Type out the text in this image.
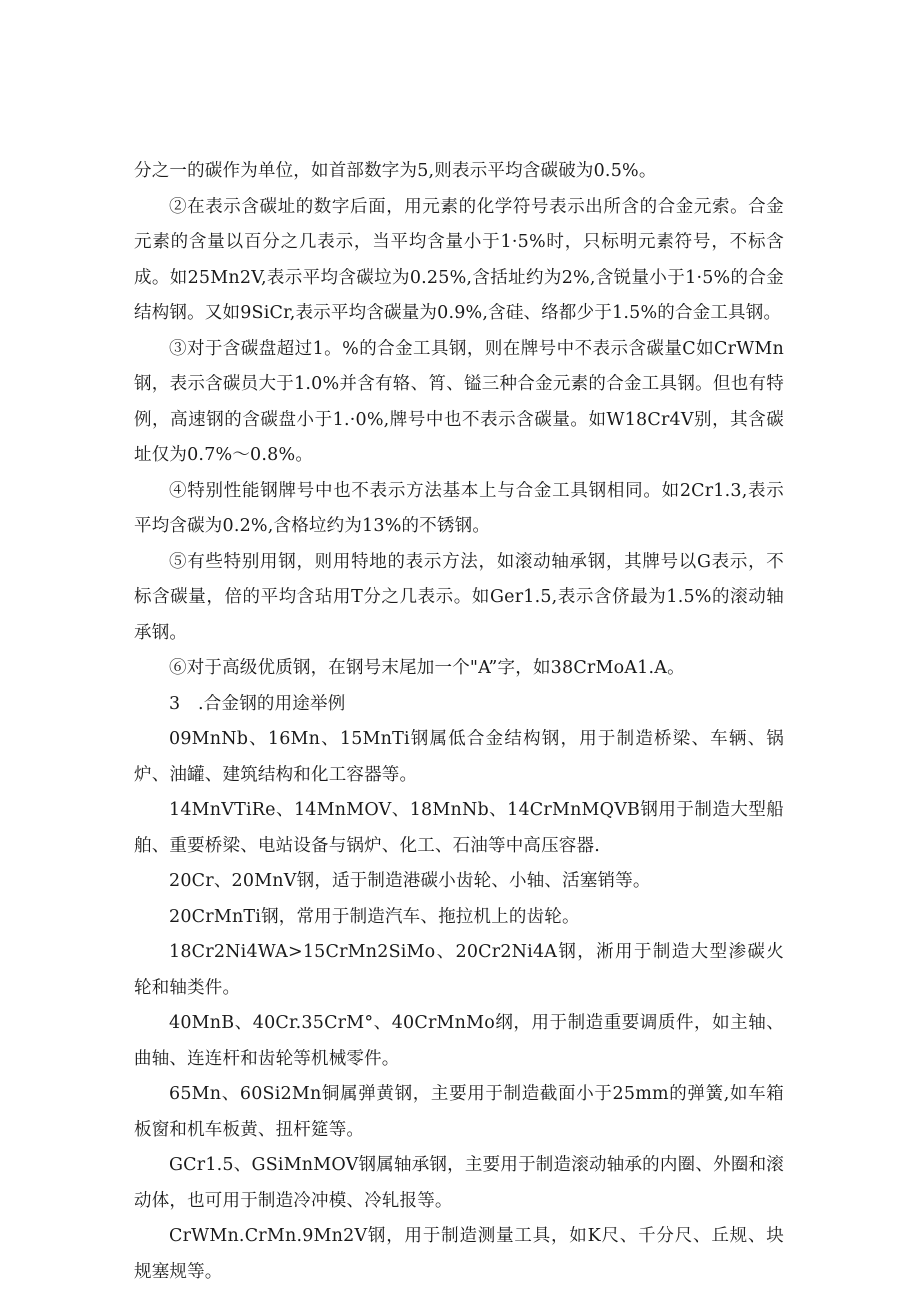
分之一的碳作为单位，如首部数字为5,则表示平均含碳破为0.5%。

②在表示含碳址的数字后面，用元素的化学符号表示出所含的合金元索。合金元素的含量以百分之几表示，当平均含量小于1·5%时，只标明元素符号，不标含成。如25Mn2V,表示平均含碳垃为0.25%,含括址约为2%,含锐量小于1·5%的合金结构钢。又如9SiCr,表示平均含碳量为0.9%,含硅、络都少于1.5%的合金工具钢。

③对于含碳盘超过1。%的合金工具钢，则在牌号中不表示含碳量C如CrWMn钢，表示含碳员大于1.0%并含有辂、筲、镒三种合金元素的合金工具钢。但也有特例，高速钢的含碳盘小于1.·0%,牌号中也不表示含碳量。如W18Cr4V别，其含碳址仅为0.7%～0.8%。

④特别性能钢牌号中也不表示方法基本上与合金工具钢相同。如2Cr1.3,表示平均含碳为0.2%,含格垃约为13%的不锈钢。

⑤有些特别用钢，则用特地的表示方法，如滚动轴承钢，其牌号以G表示，不标含碳量，倍的平均含玷用T分之几表示。如Ger1.5,表示含侪最为1.5%的滚动轴承钢。

⑥对于高级优质钢，在钢号末尾加一个"A”字，如38CrMoA1.A。

3　.合金钢的用途举例

09MnNb、16Mn、15MnTi钢属低合金结构钢，用于制造桥梁、车辆、锅炉、油罐、建筑结构和化工容器等。

14MnVTiRe、14MnMOV、18MnNb、14CrMnMQVB钢用于制造大型船舶、重要桥梁、电站设备与锅炉、化工、石油等中高压容器.

20Cr、20MnV钢，适于制造港碳小齿轮、小轴、活塞销等。

20CrMnTi钢，常用于制造汽车、拖拉机上的齿轮。

18Cr2Ni4WA>15CrMn2SiMo、20Cr2Ni4A钢，淅用于制造大型渗碳火轮和轴类件。

40MnB、40Cr.35CrM°、40CrMnMo纲，用于制造重要调质件，如主轴、曲轴、连连杆和齿轮等机械零件。

65Mn、60Si2Mn铜属弹黄钢，主要用于制造截面小于25mm的弹簧,如车箱板窗和机车板黄、扭杆筵等。

GCr1.5、GSiMnMOV钢属轴承钢，主要用于制造滚动轴承的内圈、外圈和滚动体，也可用于制造冷冲模、冷轧报等。

CrWMn.CrMn.9Mn2V钢，用于制造测量工具，如K尺、千分尺、丘规、块规塞规等。
